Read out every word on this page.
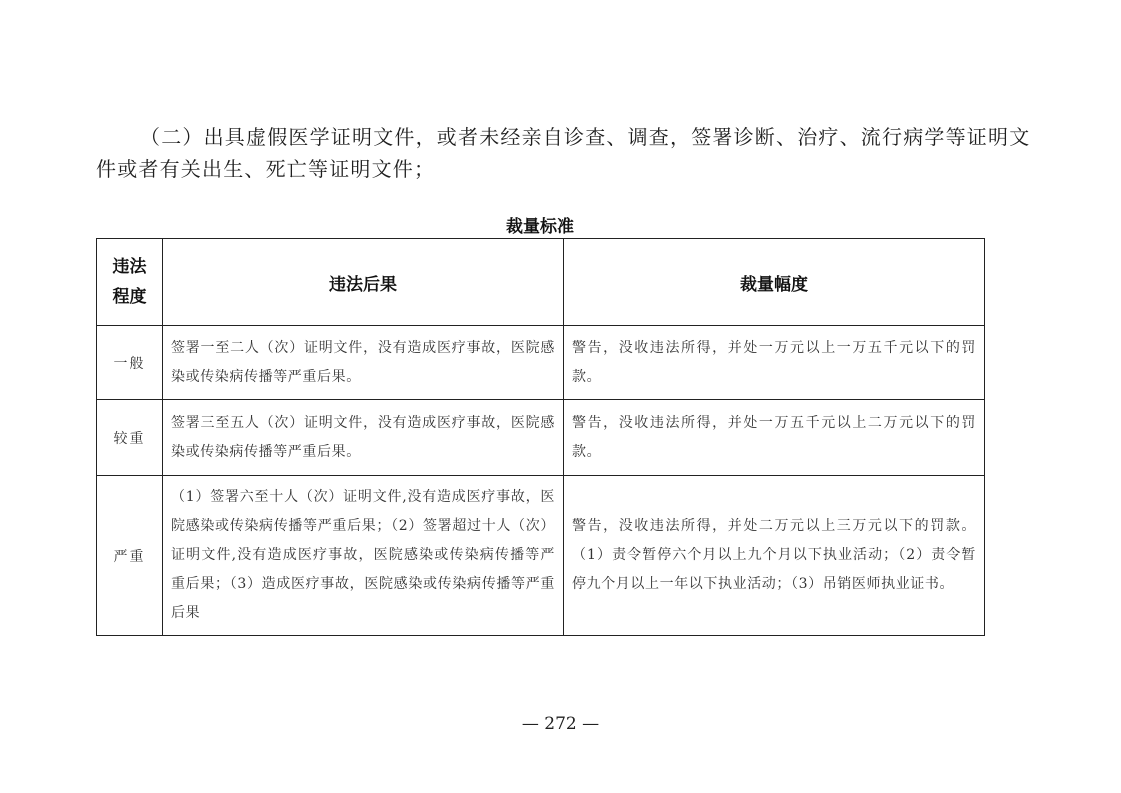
（二）出具虚假医学证明文件，或者未经亲自诊查、调查，签署诊断、治疗、流行病学等证明文件或者有关出生、死亡等证明文件；

裁量标准
违法
程度	违法后果	裁量幅度
一般	签署一至二人（次）证明文件，没有造成医疗事故，医院感染或传染病传播等严重后果。	警告，没收违法所得，并处一万元以上一万五千元以下的罚款。
较重	签署三至五人（次）证明文件，没有造成医疗事故，医院感染或传染病传播等严重后果。	警告，没收违法所得，并处一万五千元以上二万元以下的罚款。
严重	（1）签署六至十人（次）证明文件,没有造成医疗事故，医院感染或传染病传播等严重后果；（2）签署超过十人（次）证明文件,没有造成医疗事故，医院感染或传染病传播等严重后果；（3）造成医疗事故，医院感染或传染病传播等严重后果	警告，没收违法所得，并处二万元以上三万元以下的罚款。（1）责令暂停六个月以上九个月以下执业活动；（2）责令暂停九个月以上一年以下执业活动；（3）吊销医师执业证书。
— 272 —
